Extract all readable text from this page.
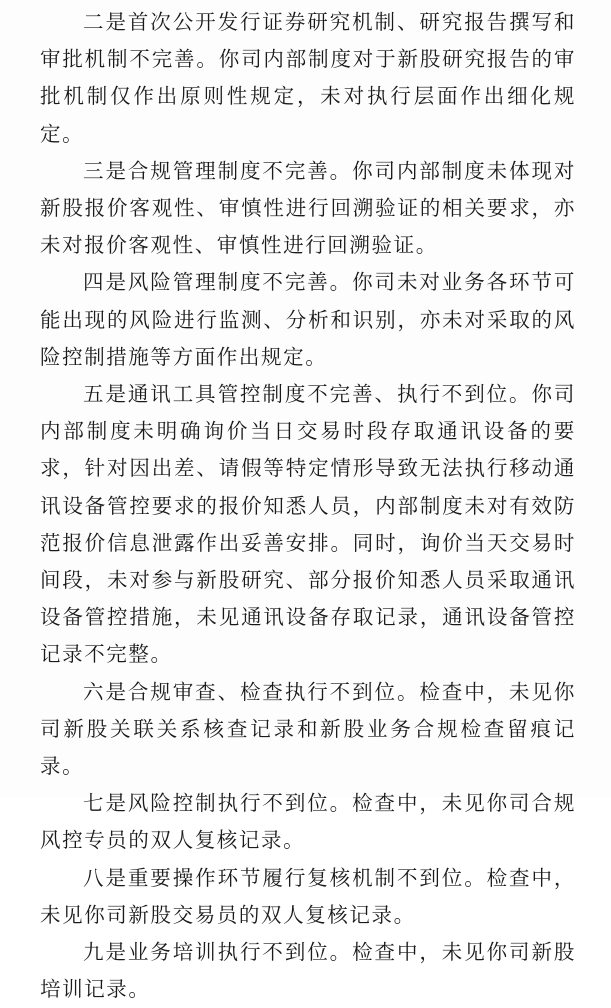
二是首次公开发行证券研究机制、研究报告撰写和审批机制不完善。你司内部制度对于新股研究报告的审批机制仅作出原则性规定，未对执行层面作出细化规定。

三是合规管理制度不完善。你司内部制度未体现对新股报价客观性、审慎性进行回溯验证的相关要求，亦未对报价客观性、审慎性进行回溯验证。

四是风险管理制度不完善。你司未对业务各环节可能出现的风险进行监测、分析和识别，亦未对采取的风险控制措施等方面作出规定。

五是通讯工具管控制度不完善、执行不到位。你司内部制度未明确询价当日交易时段存取通讯设备的要求，针对因出差、请假等特定情形导致无法执行移动通讯设备管控要求的报价知悉人员，内部制度未对有效防范报价信息泄露作出妥善安排。同时，询价当天交易时间段，未对参与新股研究、部分报价知悉人员采取通讯设备管控措施，未见通讯设备存取记录，通讯设备管控记录不完整。

六是合规审查、检查执行不到位。检查中，未见你司新股关联关系核查记录和新股业务合规检查留痕记录。

七是风险控制执行不到位。检查中，未见你司合规风控专员的双人复核记录。

八是重要操作环节履行复核机制不到位。检查中，未见你司新股交易员的双人复核记录。

九是业务培训执行不到位。检查中，未见你司新股培训记录。
